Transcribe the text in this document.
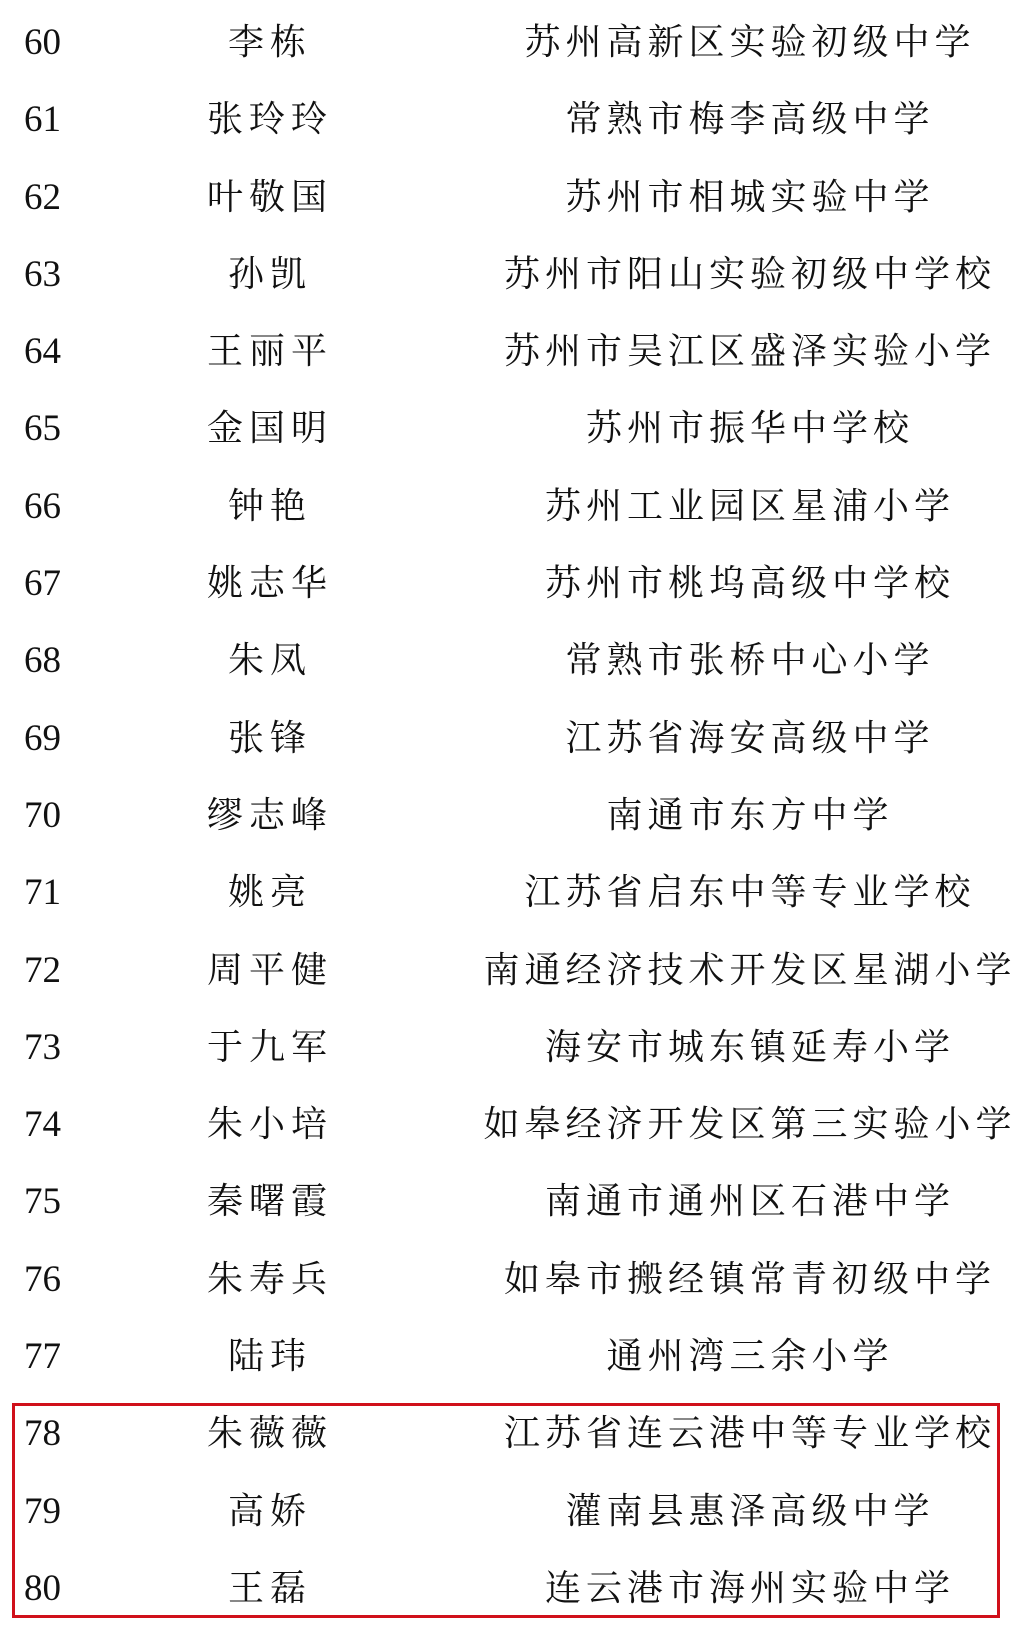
60	李栋	苏州高新区实验初级中学
61	张玲玲	常熟市梅李高级中学
62	叶敬国	苏州市相城实验中学
63	孙凯	苏州市阳山实验初级中学校
64	王丽平	苏州市吴江区盛泽实验小学
65	金国明	苏州市振华中学校
66	钟艳	苏州工业园区星浦小学
67	姚志华	苏州市桃坞高级中学校
68	朱凤	常熟市张桥中心小学
69	张锋	江苏省海安高级中学
70	缪志峰	南通市东方中学
71	姚亮	江苏省启东中等专业学校
72	周平健	南通经济技术开发区星湖小学
73	于九军	海安市城东镇延寿小学
74	朱小培	如皋经济开发区第三实验小学
75	秦曙霞	南通市通州区石港中学
76	朱寿兵	如皋市搬经镇常青初级中学
77	陆玮	通州湾三余小学
78	朱薇薇	江苏省连云港中等专业学校
79	高娇	灌南县惠泽高级中学
80	王磊	连云港市海州实验中学
